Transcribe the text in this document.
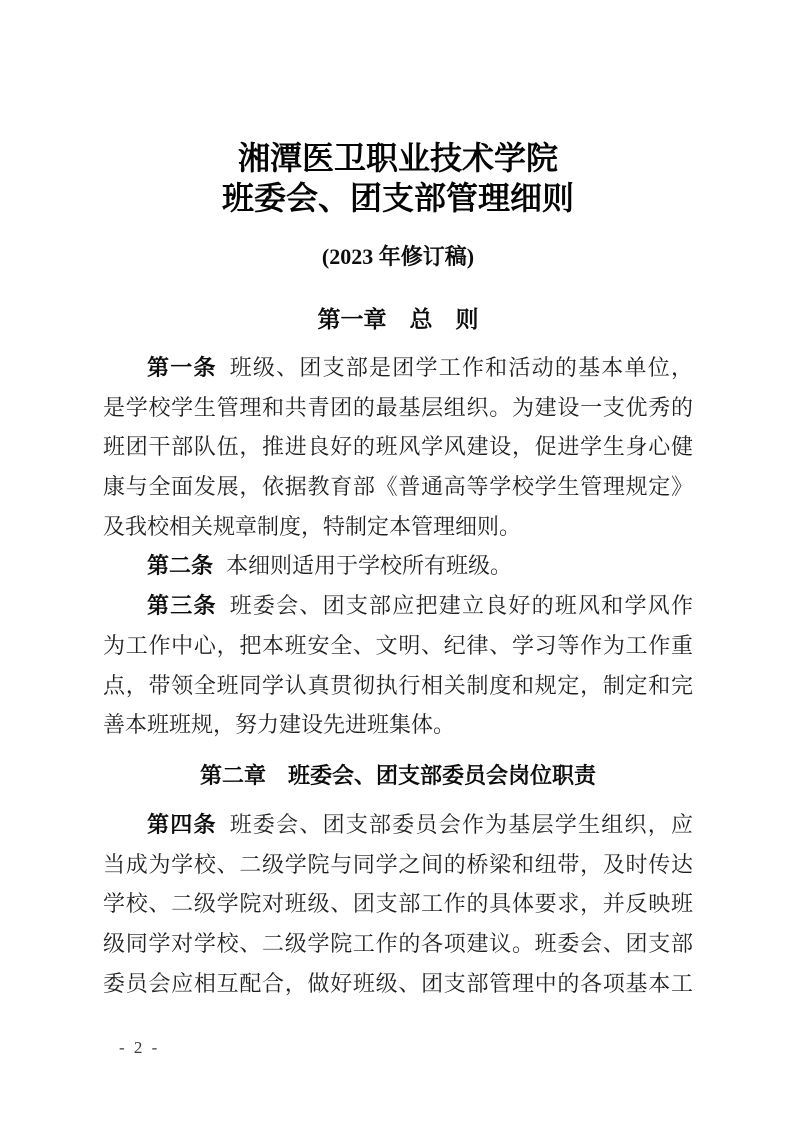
湘潭医卫职业技术学院
班委会、团支部管理细则
(2023 年修订稿)
第一章　总　则
第一条 班级、团支部是团学工作和活动的基本单位，
是学校学生管理和共青团的最基层组织。为建设一支优秀的
班团干部队伍，推进良好的班风学风建设，促进学生身心健
康与全面发展，依据教育部《普通高等学校学生管理规定》
及我校相关规章制度，特制定本管理细则。
第二条 本细则适用于学校所有班级。
第三条 班委会、团支部应把建立良好的班风和学风作
为工作中心，把本班安全、文明、纪律、学习等作为工作重
点，带领全班同学认真贯彻执行相关制度和规定，制定和完
善本班班规，努力建设先进班集体。
第二章　班委会、团支部委员会岗位职责
第四条 班委会、团支部委员会作为基层学生组织，应
当成为学校、二级学院与同学之间的桥梁和纽带，及时传达
学校、二级学院对班级、团支部工作的具体要求，并反映班
级同学对学校、二级学院工作的各项建议。班委会、团支部
委员会应相互配合，做好班级、团支部管理中的各项基本工
- 2 -
